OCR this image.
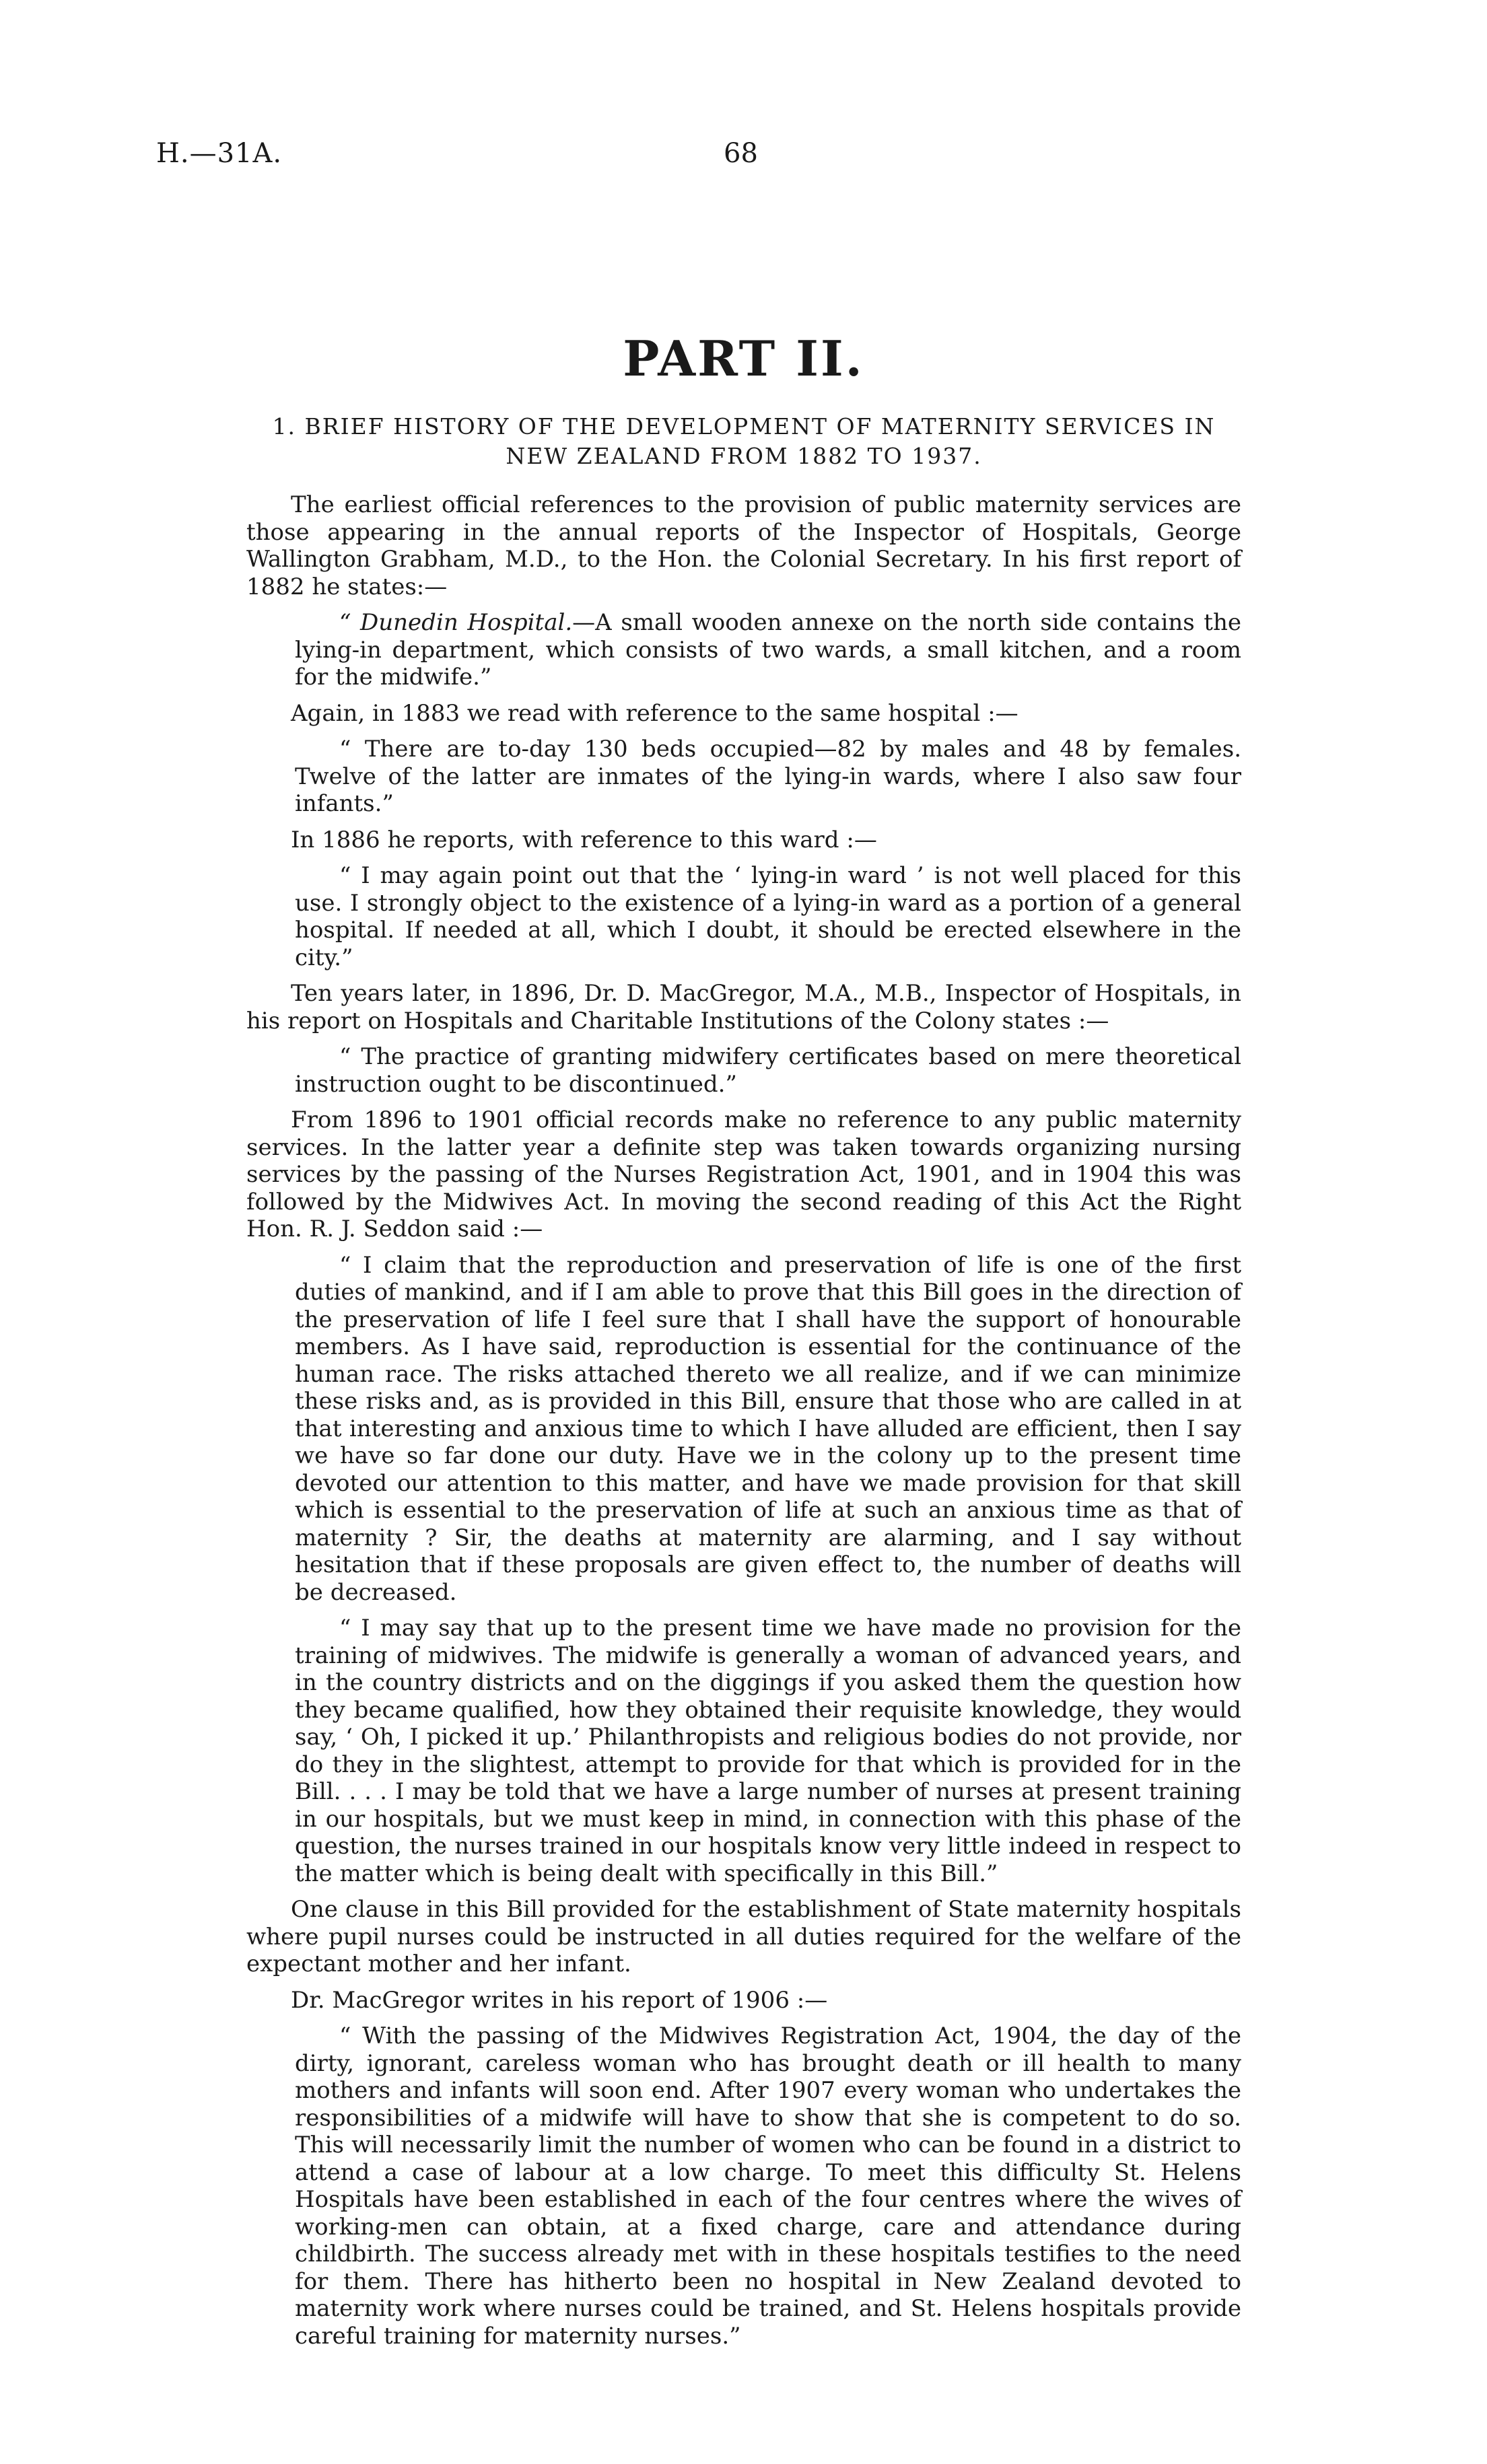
H.—31A.	68
PART II.
1. BRIEF HISTORY OF THE DEVELOPMENT OF MATERNITY SERVICES IN NEW ZEALAND FROM 1882 TO 1937.

The earliest official references to the provision of public maternity services are those appearing in the annual reports of the Inspector of Hospitals, George Wallington Grabham, M.D., to the Hon. the Colonial Secretary. In his first report of 1882 he states:—

“ Dunedin Hospital.—A small wooden annexe on the north side contains the lying-in department, which consists of two wards, a small kitchen, and a room for the midwife.”

Again, in 1883 we read with reference to the same hospital :—

“ There are to-day 130 beds occupied—82 by males and 48 by females. Twelve of the latter are inmates of the lying-in wards, where I also saw four infants.”

In 1886 he reports, with reference to this ward :—

“ I may again point out that the ‘ lying-in ward ’ is not well placed for this use. I strongly object to the existence of a lying-in ward as a portion of a general hospital. If needed at all, which I doubt, it should be erected elsewhere in the city.”

Ten years later, in 1896, Dr. D. MacGregor, M.A., M.B., Inspector of Hospitals, in his report on Hospitals and Charitable Institutions of the Colony states :—

“ The practice of granting midwifery certificates based on mere theoretical instruction ought to be discontinued.”

From 1896 to 1901 official records make no reference to any public maternity services. In the latter year a definite step was taken towards organizing nursing services by the passing of the Nurses Registration Act, 1901, and in 1904 this was followed by the Midwives Act. In moving the second reading of this Act the Right Hon. R. J. Seddon said :—

“ I claim that the reproduction and preservation of life is one of the first duties of mankind, and if I am able to prove that this Bill goes in the direction of the preservation of life I feel sure that I shall have the support of honourable members. As I have said, reproduction is essential for the continuance of the human race. The risks attached thereto we all realize, and if we can minimize these risks and, as is provided in this Bill, ensure that those who are called in at that interesting and anxious time to which I have alluded are efficient, then I say we have so far done our duty. Have we in the colony up to the present time devoted our attention to this matter, and have we made provision for that skill which is essential to the preservation of life at such an anxious time as that of maternity ? Sir, the deaths at maternity are alarming, and I say without hesitation that if these proposals are given effect to, the number of deaths will be decreased.

“ I may say that up to the present time we have made no provision for the training of midwives. The midwife is generally a woman of advanced years, and in the country districts and on the diggings if you asked them the question how they became qualified, how they obtained their requisite knowledge, they would say, ‘ Oh, I picked it up.’ Philanthropists and religious bodies do not provide, nor do they in the slightest, attempt to provide for that which is provided for in the Bill. . . . I may be told that we have a large number of nurses at present training in our hospitals, but we must keep in mind, in connection with this phase of the question, the nurses trained in our hospitals know very little indeed in respect to the matter which is being dealt with specifically in this Bill.”

One clause in this Bill provided for the establishment of State maternity hospitals where pupil nurses could be instructed in all duties required for the welfare of the expectant mother and her infant.

Dr. MacGregor writes in his report of 1906 :—

“ With the passing of the Midwives Registration Act, 1904, the day of the dirty, ignorant, careless woman who has brought death or ill health to many mothers and infants will soon end. After 1907 every woman who undertakes the responsibilities of a midwife will have to show that she is competent to do so. This will necessarily limit the number of women who can be found in a district to attend a case of labour at a low charge. To meet this difficulty St. Helens Hospitals have been established in each of the four centres where the wives of working-men can obtain, at a fixed charge, care and attendance during childbirth. The success already met with in these hospitals testifies to the need for them. There has hitherto been no hospital in New Zealand devoted to maternity work where nurses could be trained, and St. Helens hospitals provide careful training for maternity nurses.”
